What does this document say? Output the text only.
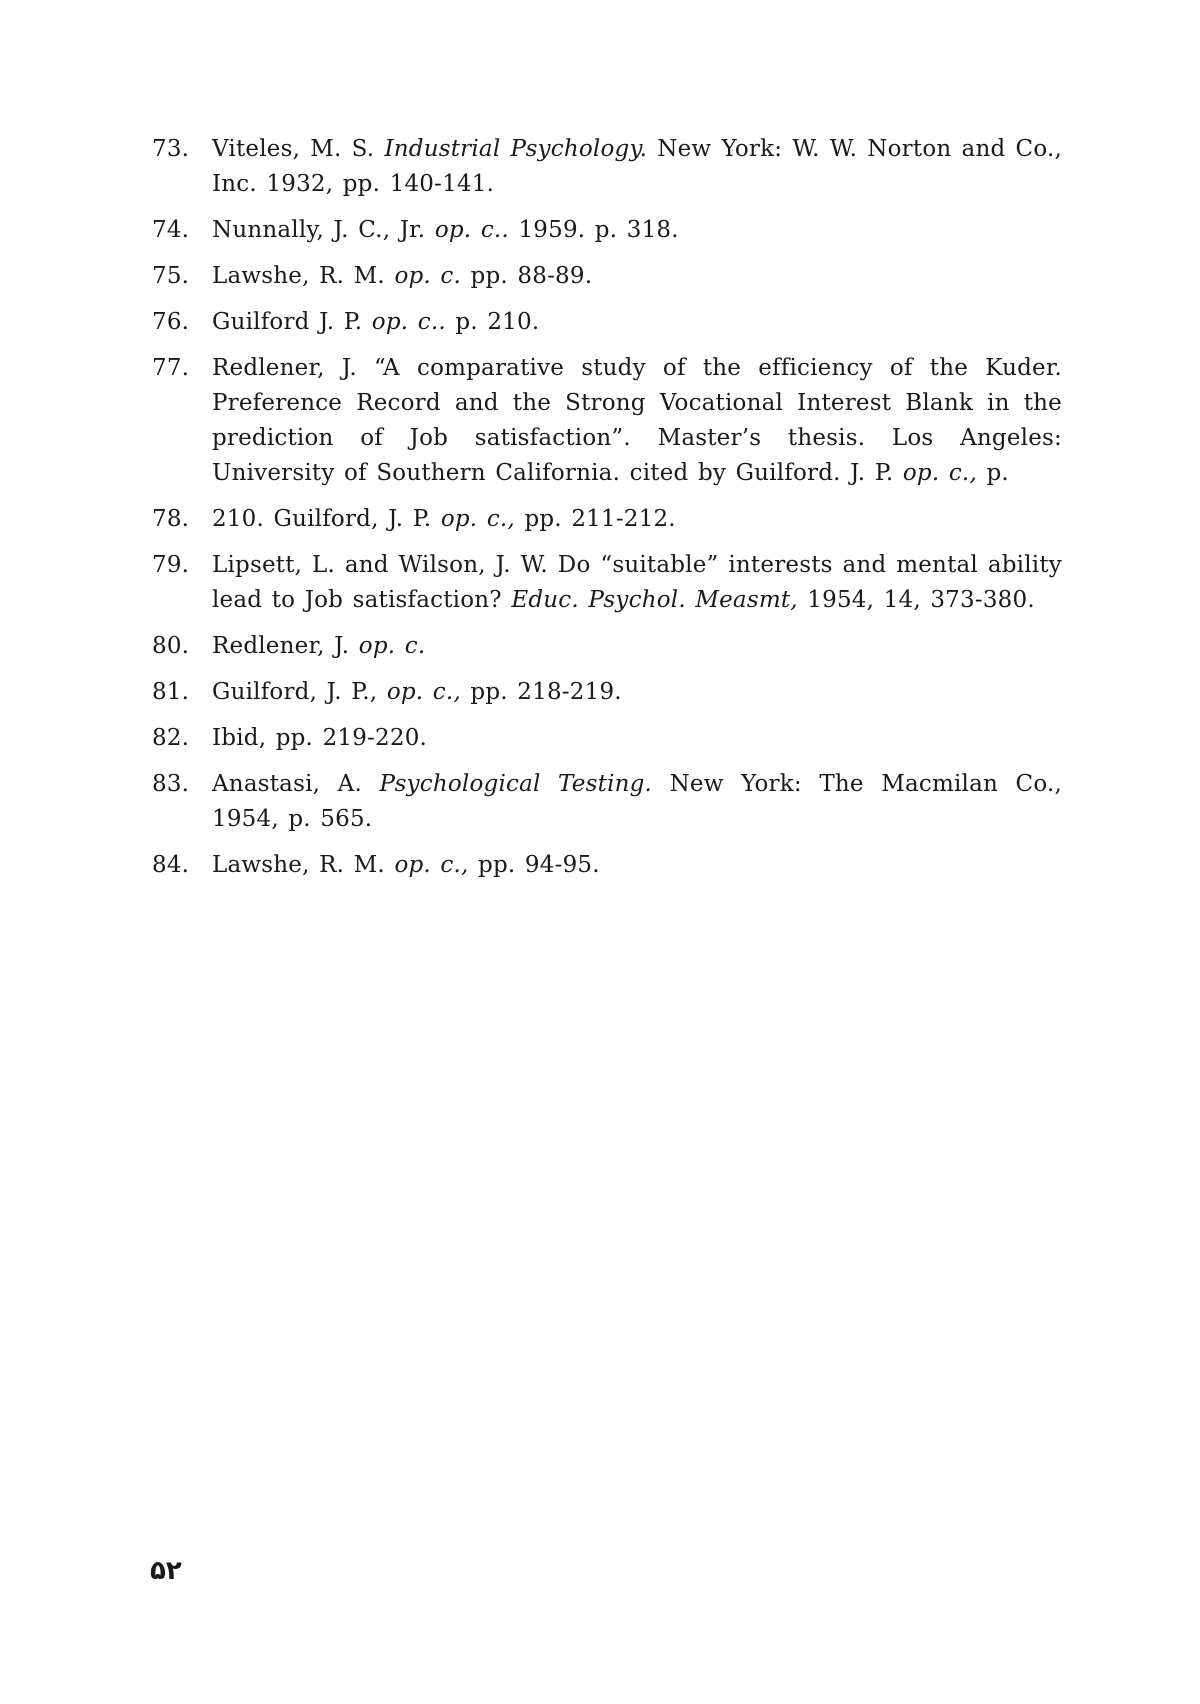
73. Viteles, M. S. Industrial Psychology. New York: W. W. Norton and Co., Inc. 1932, pp. 140-141.
74. Nunnally, J. C., Jr. op. c.. 1959. p. 318.
75. Lawshe, R. M. op. c. pp. 88-89.
76. Guilford J. P. op. c.. p. 210.
77. Redlener, J. “A comparative study of the efficiency of the Kuder. Preference Record and the Strong Vocational Interest Blank in the prediction of Job satisfaction”. Master’s thesis. Los Angeles: University of Southern California. cited by Guilford. J. P. op. c., p.
78. 210. Guilford, J. P. op. c., pp. 211-212.
79. Lipsett, L. and Wilson, J. W. Do “suitable” interests and mental ability lead to Job satisfaction? Educ. Psychol. Measmt, 1954, 14, 373-380.
80. Redlener, J. op. c.
81. Guilford, J. P., op. c., pp. 218-219.
82. Ibid, pp. 219-220.
83. Anastasi, A. Psychological Testing. New York: The Macmilan Co., 1954, p. 565.
84. Lawshe, R. M. op. c., pp. 94-95.
۵۲
